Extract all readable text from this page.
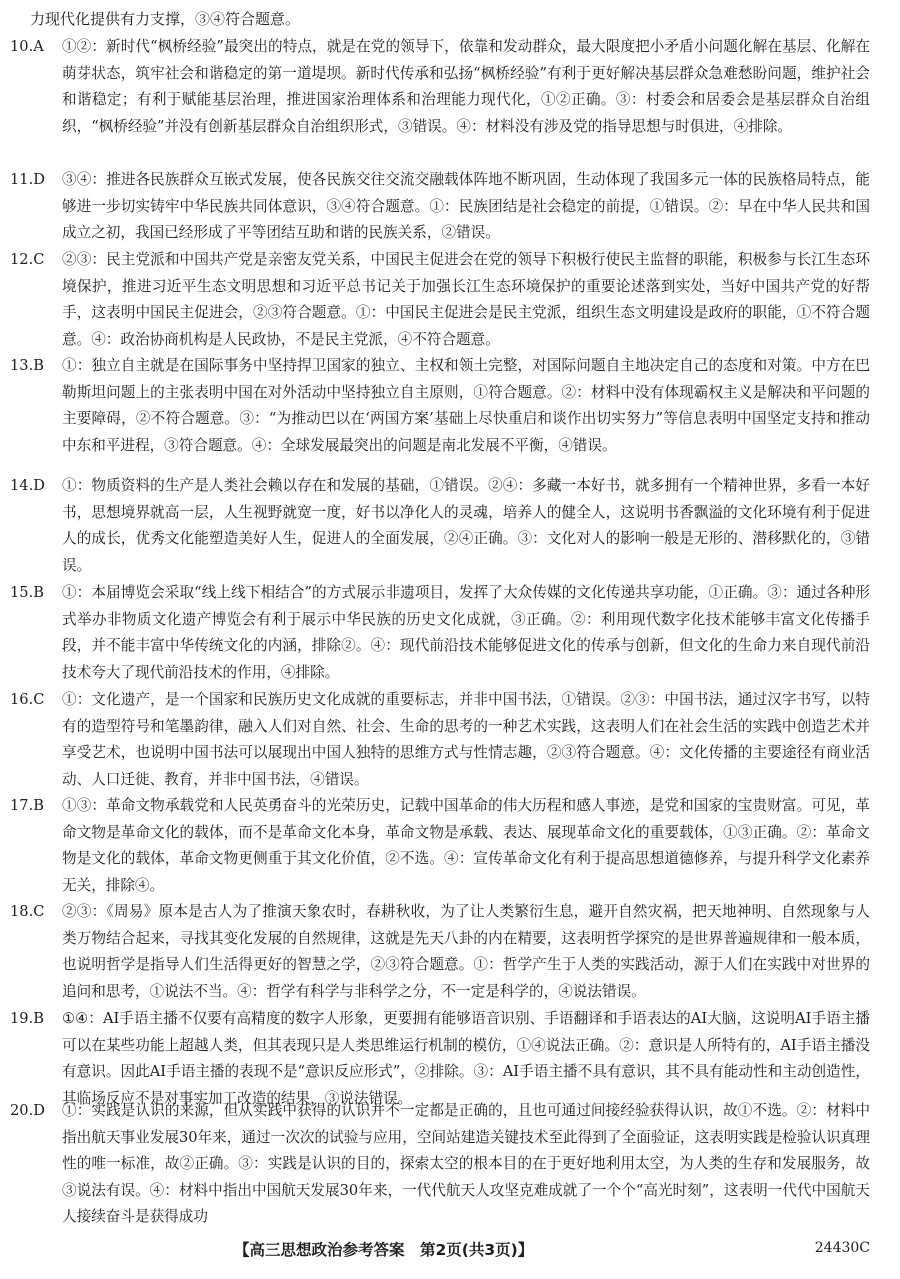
力现代化提供有力支撑，③④符合题意。
10.A	①②：新时代“枫桥经验”最突出的特点，就是在党的领导下，依靠和发动群众，最大限度把小矛盾小问题化解在基层、化解在萌芽状态，筑牢社会和谐稳定的第一道堤坝。新时代传承和弘扬“枫桥经验”有利于更好解决基层群众急难愁盼问题，维护社会和谐稳定；有利于赋能基层治理，推进国家治理体系和治理能力现代化，①②正确。③：村委会和居委会是基层群众自治组织，“枫桥经验”并没有创新基层群众自治组织形式，③错误。④：材料没有涉及党的指导思想与时俱进，④排除。
11.D	③④：推进各民族群众互嵌式发展，使各民族交往交流交融载体阵地不断巩固，生动体现了我国多元一体的民族格局特点，能够进一步切实铸牢中华民族共同体意识，③④符合题意。①：民族团结是社会稳定的前提，①错误。②：早在中华人民共和国成立之初，我国已经形成了平等团结互助和谐的民族关系，②错误。
12.C	②③：民主党派和中国共产党是亲密友党关系，中国民主促进会在党的领导下积极行使民主监督的职能，积极参与长江生态环境保护，推进习近平生态文明思想和习近平总书记关于加强长江生态环境保护的重要论述落到实处，当好中国共产党的好帮手，这表明中国民主促进会，②③符合题意。①：中国民主促进会是民主党派，组织生态文明建设是政府的职能，①不符合题意。④：政治协商机构是人民政协，不是民主党派，④不符合题意。
13.B	①：独立自主就是在国际事务中坚持捍卫国家的独立、主权和领土完整，对国际问题自主地决定自己的态度和对策。中方在巴勒斯坦问题上的主张表明中国在对外活动中坚持独立自主原则，①符合题意。②：材料中没有体现霸权主义是解决和平问题的主要障碍，②不符合题意。③：“为推动巴以在‘两国方案’基础上尽快重启和谈作出切实努力”等信息表明中国坚定支持和推动中东和平进程，③符合题意。④：全球发展最突出的问题是南北发展不平衡，④错误。
14.D	①：物质资料的生产是人类社会赖以存在和发展的基础，①错误。②④：多藏一本好书，就多拥有一个精神世界，多看一本好书，思想境界就高一层，人生视野就宽一度，好书以净化人的灵魂，培养人的健全人，这说明书香飘溢的文化环境有利于促进人的成长，优秀文化能塑造美好人生，促进人的全面发展，②④正确。③：文化对人的影响一般是无形的、潜移默化的，③错误。
15.B	①：本届博览会采取“线上线下相结合”的方式展示非遗项目，发挥了大众传媒的文化传递共享功能，①正确。③：通过各种形式举办非物质文化遗产博览会有利于展示中华民族的历史文化成就，③正确。②：利用现代数字化技术能够丰富文化传播手段，并不能丰富中华传统文化的内涵，排除②。④：现代前沿技术能够促进文化的传承与创新，但文化的生命力来自现代前沿技术夸大了现代前沿技术的作用，④排除。
16.C	①：文化遗产，是一个国家和民族历史文化成就的重要标志，并非中国书法，①错误。②③：中国书法，通过汉字书写，以特有的造型符号和笔墨韵律，融入人们对自然、社会、生命的思考的一种艺术实践，这表明人们在社会生活的实践中创造艺术并享受艺术，也说明中国书法可以展现出中国人独特的思维方式与性情志趣，②③符合题意。④：文化传播的主要途径有商业活动、人口迁徙、教育，并非中国书法，④错误。
17.B	①③：革命文物承载党和人民英勇奋斗的光荣历史，记载中国革命的伟大历程和感人事迹，是党和国家的宝贵财富。可见，革命文物是革命文化的载体，而不是革命文化本身，革命文物是承载、表达、展现革命文化的重要载体，①③正确。②：革命文物是文化的载体，革命文物更侧重于其文化价值，②不选。④：宣传革命文化有利于提高思想道德修养，与提升科学文化素养无关，排除④。
18.C	②③：《周易》原本是古人为了推演天象农时，春耕秋收，为了让人类繁衍生息，避开自然灾祸，把天地神明、自然现象与人类万物结合起来，寻找其变化发展的自然规律，这就是先天八卦的内在精要，这表明哲学探究的是世界普遍规律和一般本质，也说明哲学是指导人们生活得更好的智慧之学，②③符合题意。①：哲学产生于人类的实践活动，源于人们在实践中对世界的追问和思考，①说法不当。④：哲学有科学与非科学之分，不一定是科学的，④说法错误。
19.B	①④：AI手语主播不仅要有高精度的数字人形象，更要拥有能够语音识别、手语翻译和手语表达的AI大脑，这说明AI手语主播可以在某些功能上超越人类，但其表现只是人类思维运行机制的模仿，①④说法正确。②：意识是人所特有的，AI手语主播没有意识。因此AI手语主播的表现不是“意识反应形式”，②排除。③：AI手语主播不具有意识，其不具有能动性和主动创造性，其临场反应不是对事实加工改造的结果，③说法错误。
20.D	①：实践是认识的来源，但从实践中获得的认识并不一定都是正确的，且也可通过间接经验获得认识，故①不选。②：材料中指出航天事业发展30年来，通过一次次的试验与应用，空间站建造关键技术至此得到了全面验证，这表明实践是检验认识真理性的唯一标准，故②正确。③：实践是认识的目的，探索太空的根本目的在于更好地利用太空，为人类的生存和发展服务，故③说法有误。④：材料中指出中国航天发展30年来，一代代航天人攻坚克难成就了一个个“高光时刻”，这表明一代代中国航天人接续奋斗是获得成功
【高三思想政治参考答案　第2页(共3页)】	24430C
